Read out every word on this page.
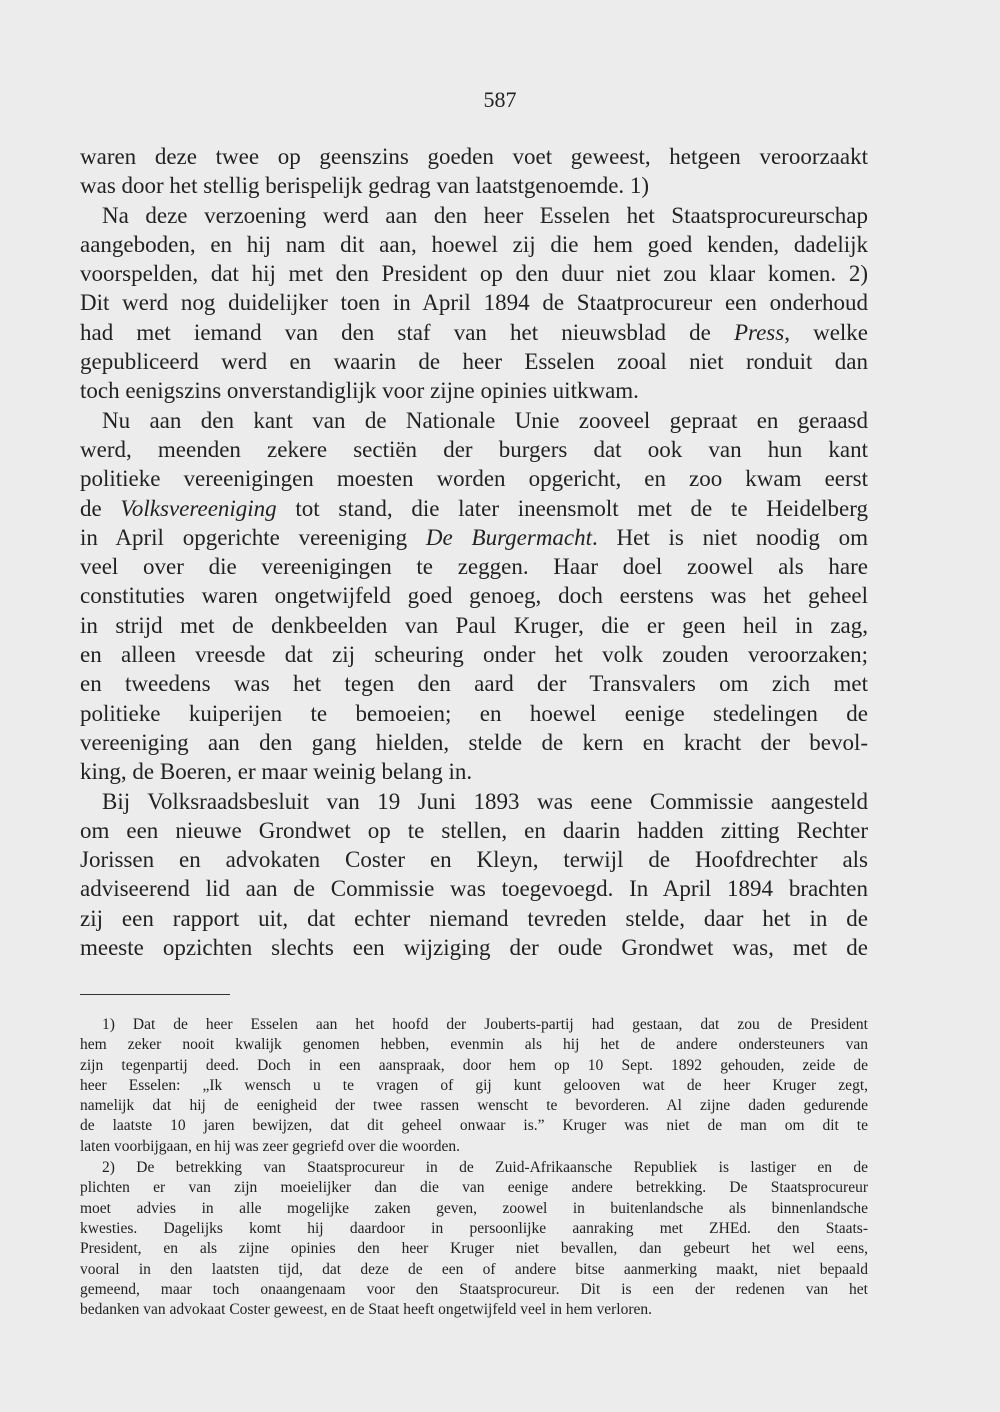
587
waren deze twee op geenszins goeden voet geweest, hetgeen veroorzaakt
was door het stellig berispelijk gedrag van laatstgenoemde. 1)
Na deze verzoening werd aan den heer Esselen het Staatsprocureurschap
aangeboden, en hij nam dit aan, hoewel zij die hem goed kenden, dadelijk
voorspelden, dat hij met den President op den duur niet zou klaar komen. 2)
Dit werd nog duidelijker toen in April 1894 de Staatprocureur een onderhoud
had met iemand van den staf van het nieuwsblad de Press, welke
gepubliceerd werd en waarin de heer Esselen zooal niet ronduit dan
toch eenigszins onverstandiglijk voor zijne opinies uitkwam.
Nu aan den kant van de Nationale Unie zooveel gepraat en geraasd
werd, meenden zekere sectiën der burgers dat ook van hun kant
politieke vereenigingen moesten worden opgericht, en zoo kwam eerst
de Volksvereeniging tot stand, die later ineensmolt met de te Heidelberg
in April opgerichte vereeniging De Burgermacht. Het is niet noodig om
veel over die vereenigingen te zeggen. Haar doel zoowel als hare
constituties waren ongetwijfeld goed genoeg, doch eerstens was het geheel
in strijd met de denkbeelden van Paul Kruger, die er geen heil in zag,
en alleen vreesde dat zij scheuring onder het volk zouden veroorzaken;
en tweedens was het tegen den aard der Transvalers om zich met
politieke kuiperijen te bemoeien; en hoewel eenige stedelingen de
vereeniging aan den gang hielden, stelde de kern en kracht der bevol-
king, de Boeren, er maar weinig belang in.
Bij Volksraadsbesluit van 19 Juni 1893 was eene Commissie aangesteld
om een nieuwe Grondwet op te stellen, en daarin hadden zitting Rechter
Jorissen en advokaten Coster en Kleyn, terwijl de Hoofdrechter als
adviseerend lid aan de Commissie was toegevoegd. In April 1894 brachten
zij een rapport uit, dat echter niemand tevreden stelde, daar het in de
meeste opzichten slechts een wijziging der oude Grondwet was, met de
1) Dat de heer Esselen aan het hoofd der Jouberts-partij had gestaan, dat zou de President
hem zeker nooit kwalijk genomen hebben, evenmin als hij het de andere ondersteuners van
zijn tegenpartij deed. Doch in een aanspraak, door hem op 10 Sept. 1892 gehouden, zeide de
heer Esselen: „Ik wensch u te vragen of gij kunt gelooven wat de heer Kruger zegt,
namelijk dat hij de eenigheid der twee rassen wenscht te bevorderen. Al zijne daden gedurende
de laatste 10 jaren bewijzen, dat dit geheel onwaar is.” Kruger was niet de man om dit te
laten voorbijgaan, en hij was zeer gegriefd over die woorden.
2) De betrekking van Staatsprocureur in de Zuid-Afrikaansche Republiek is lastiger en de
plichten er van zijn moeielijker dan die van eenige andere betrekking. De Staatsprocureur
moet advies in alle mogelijke zaken geven, zoowel in buitenlandsche als binnenlandsche
kwesties. Dagelijks komt hij daardoor in persoonlijke aanraking met ZHEd. den Staats-
President, en als zijne opinies den heer Kruger niet bevallen, dan gebeurt het wel eens,
vooral in den laatsten tijd, dat deze de een of andere bitse aanmerking maakt, niet bepaald
gemeend, maar toch onaangenaam voor den Staatsprocureur. Dit is een der redenen van het
bedanken van advokaat Coster geweest, en de Staat heeft ongetwijfeld veel in hem verloren.
